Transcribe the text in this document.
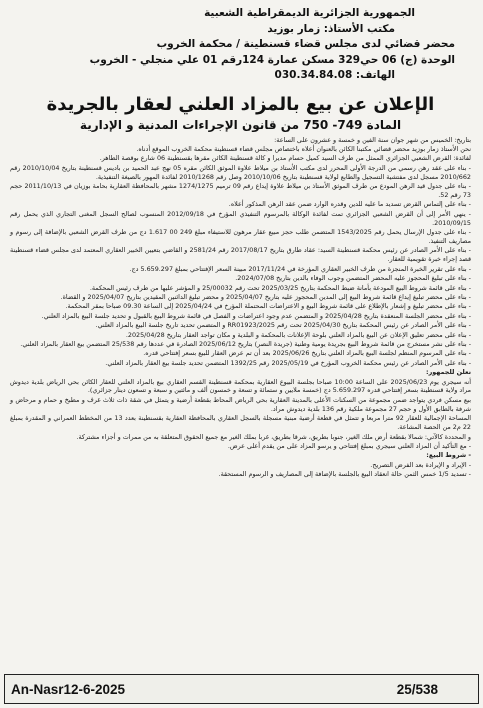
الجمهورية الجزائرية الديمقراطية الشعبية
مكتب الأستاذ: زمار بوزيد
محضر قضائي لدى مجلس قضاء قسنطينة / محكمة الخروب
الوحدة (ج) 06 حي329 مسكن عمارة 124رقم 01 علي منجلي - الخروب
الهاتف: 030.34.84.08
الإعلان عن بيع بالمزاد العلني لعقار بالجريدة
المادة 749- 750 من قانون الإجراءات المدنية و الإدارية

بتاريخ: الخميس من شهر جوان سنة الفين و خمسة و عشرون على الساعة:

نحن الأستاذ زمار بوزيد محضر قضائي مكتبنا الكائن بالعنوان أعلاه باختصاص مجلس قضاء قسنطينة محكمة الخروب الموقع أدناه.

لفائدة: القرض الشعبي الجزائري الممثل من طرف السيد كميل حسام مديرا و كالة قسنطينة الكائن مقرها بقسنطينة 06 شارع بوقصة الطاهر.

- بناء على عقد رهن رسمي من الدرجة الأولى المحرر لدى مكتب الأستاذ بن ميلاط علاوة الموثق الكائن مقره 05 نهج عبد الحميد بن باديس قسنطينة بتاريخ 2010/10/04 رقم 2010/662 مسجل لدى مفتشية التسجيل والطابع لولاية قسنطينة بتاريخ 2010/10/06 وصل رقم 2010/1268 لفائدة المهور بالصيغة التنفيذية.

- بناء على جدول قيد الرهن المودع من طرف الموثق الأستاذ بن ميلاط علاوة إيداع رقم 09 ترميم 1274/1275 مشهر بالمحافظة العقارية بحامة بوزيان في 2011/10/13 حجم 73 رقم 52.

- بناء على إلتماس القرض تسديد ما عليه للدين وقدره الوارد ضمن عقد الرهن المذكور أعلاه.

- ينهي الأمر إلى أن القرض الشعبي الجزائري تمت لفائدة الوكالة بالمرسوم التنفيذي المؤرخ في 2012/09/18 المنسوب لصالح السجل المغنى التجاري الذي يحمل رقم 2010/09/15.

- بناء على جدول الإرسال يحمل رقم 1543/2025 المتضمن طلب حجز مبيع عقار مرهون للاستيفاء مبلغ 249 00 1.617 دج من طرف القرض الشعبي بالإضافة إلى رسوم و مصاريف التنفيذ.

- بناء على الأمر الصادر عن رئيس محكمة قسنطينة السيد: عقاد طارق بتاريخ 2017/08/17 رقم 2581/24 و القاضي بتعيين الخبير العقاري المعتمد لدى مجلس قضاء قسنطينة قصد إجراء خبرة تقويمية للعقار.

- بناء على تقرير الخبرة المنجزة من طرف الخبير العقاري المؤرخة في 2017/11/24 مبينة السعر الإفتتاحي بمبلغ 5.659.297 دج.

- بناء على تبليغ المحجوز عليه المحضر المتضمن وجوب الوفاء بالدين بتاريخ 2024/07/08.

- بناء على قائمة شروط البيع المودعة بأمانة ضبط المحكمة بتاريخ 2025/03/25 تحت رقم 25/00032 و المؤشر عليها من طرف رئيس المحكمة.

- بناء على محضر تبليغ إيداع قائمة شروط البيع إلى المدين المحجوز عليه بتاريخ 2025/04/07 و محضر تبليغ الدائنين المقيدين بتاريخ 2025/04/07 و القضاة.

- بناء على محضر تبليغ و إشعار بالإطلاع على قائمة شروط البيع و الاعتراضات المحتملة المؤرخ في 2025/04/24 إلى الساعة 09.30 صباحا بمقر المحكمة.

- بناء على محضر الجلسة المنعقدة بتاريخ 2025/04/28 و المتضمن عدم وجود اعتراضات و الفصل في قائمة شروط البيع بالقبول و تحديد جلسة البيع بالمزاد العلني.

- بناء على الأمر الصادر عن رئيس المحكمة بتاريخ 2025/04/30 تحت رقم RR01923/2025 و المتضمن تحديد تاريخ جلسة البيع بالمزاد العلني.

- بناء على محضر تعليق الإعلان عن البيع بالمزاد العلني بلوحة الإعلانات بالمحكمة و البلدية و مكان تواجد العقار بتاريخ 2025/04/28.

- بناء على نشر مستخرج من قائمة شروط البيع بجريدة يومية وطنية (جريدة النصر) بتاريخ 2025/06/12 الصادرة في عددها رقم 25/538 المتضمن بيع العقار بالمزاد العلني.

- بناء على المرسوم المنظم لجلسة البيع بالمزاد العلني بتاريخ 2025/06/26 بعد أن تم عرض العقار للبيع بسعر إفتتاحي قدره.

- بناء على الأمر الصادر عن رئيس محكمة الخروب المؤرخ في 2025/05/19 رقم 1392/25 المتضمن تحديد جلسة بيع العقار بالمزاد العلني.

نعلن للجمهور:

أنه سيجري يوم 2025/06/23 على الساعة 10:00 صباحا بجلسة البيوع العقارية بمحكمة قسنطينة القسم العقاري بيع بالمزاد العلني للعقار الكائن بحي الرياض بلدية ديدوش مراد ولاية قسنطينة بسعر إفتتاحي قدره 5.659.297 دج (خمسة ملايين و ستمائة و تسعة و خمسون ألف و مائتين و سبعة و تسعون دينار جزائري).

بيع مسكن فردي يتواجد ضمن مجموعة من السكنات الأعلى بالمدينة العقارية بحي الرياض المحاط بقطعة أرضية و يتمثل في شقة ذات ثلاث غرف و مطبخ و حمام و مرحاض و شرفة بالطابق الأول و حجم 27 مجموعة ملكية رقم 136 بلدية ديدوش مراد.

المساحة الإجمالية للعقار 92 مترا مربعا و تتمثل في قطعة أرضية مبنية مسجلة بالسجل العقاري بالمحافظة العقارية بقسنطينة بعدد 13 من المخطط العمراني و المقدرة بمبلغ 22 م2 من الحصة المشاعة.

و المحددة كالآتي: شمالا بقطعة أرض ملك الغير، جنوبا بطريق، شرقا بطريق، غربا بملك الغير مع جميع الحقوق المتعلقة به من ممرات و أجزاء مشتركة.

- مع التأكيد أن المزاد العلني سيجري بمبلغ إفتتاحي و يرسو المزاد على من يقدم أعلى عرض.

- شروط البيع:

- الإيراد و الإيرادة بعد الفرض التصريح.

- تسديد 1/5 خمس الثمن حالة انعقاد البيع بالجلسة بالإضافة إلى المصاريف و الرسوم المستحقة.

An-Nasr12-6-2025	25/538
